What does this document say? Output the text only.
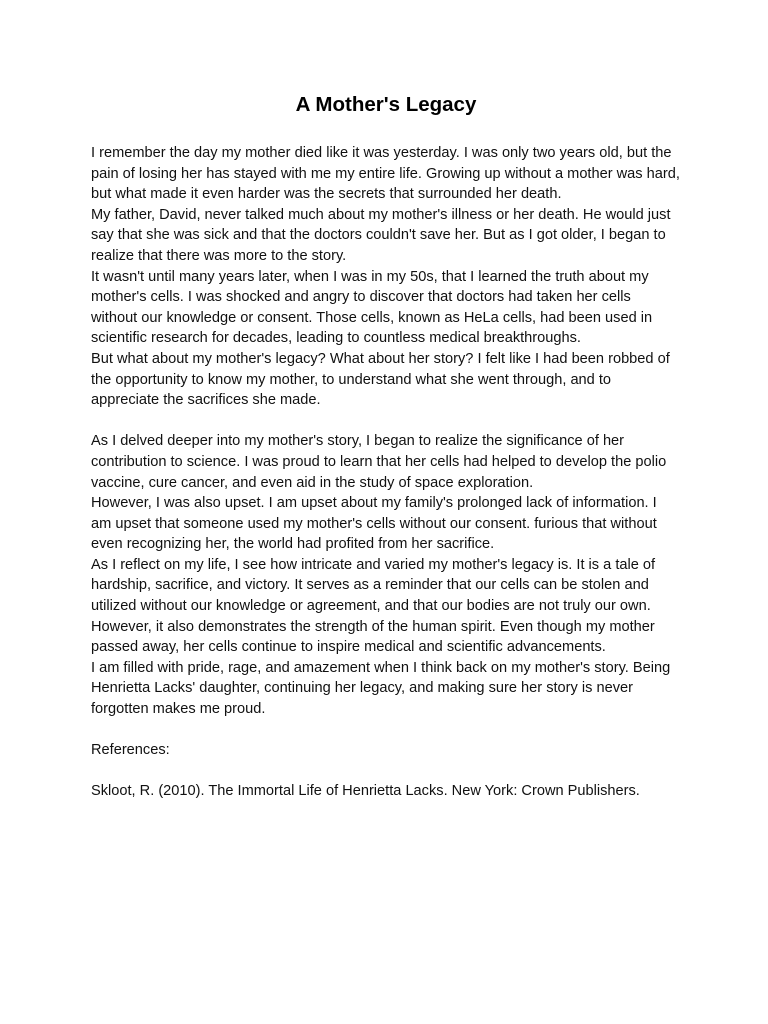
A Mother's Legacy

I remember the day my mother died like it was yesterday. I was only two years old, but the pain of losing her has stayed with me my entire life. Growing up without a mother was hard, but what made it even harder was the secrets that surrounded her death.

My father, David, never talked much about my mother's illness or her death. He would just say that she was sick and that the doctors couldn't save her. But as I got older, I began to realize that there was more to the story.

It wasn't until many years later, when I was in my 50s, that I learned the truth about my mother's cells. I was shocked and angry to discover that doctors had taken her cells without our knowledge or consent. Those cells, known as HeLa cells, had been used in scientific research for decades, leading to countless medical breakthroughs.

But what about my mother's legacy? What about her story? I felt like I had been robbed of the opportunity to know my mother, to understand what she went through, and to appreciate the sacrifices she made.

As I delved deeper into my mother's story, I began to realize the significance of her contribution to science. I was proud to learn that her cells had helped to develop the polio vaccine, cure cancer, and even aid in the study of space exploration.

However, I was also upset. I am upset about my family's prolonged lack of information. I am upset that someone used my mother's cells without our consent. furious that without even recognizing her, the world had profited from her sacrifice.

As I reflect on my life, I see how intricate and varied my mother's legacy is. It is a tale of hardship, sacrifice, and victory. It serves as a reminder that our cells can be stolen and utilized without our knowledge or agreement, and that our bodies are not truly our own. However, it also demonstrates the strength of the human spirit. Even though my mother passed away, her cells continue to inspire medical and scientific advancements.

I am filled with pride, rage, and amazement when I think back on my mother's story. Being Henrietta Lacks' daughter, continuing her legacy, and making sure her story is never forgotten makes me proud.

References:

Skloot, R. (2010). The Immortal Life of Henrietta Lacks. New York: Crown Publishers.
